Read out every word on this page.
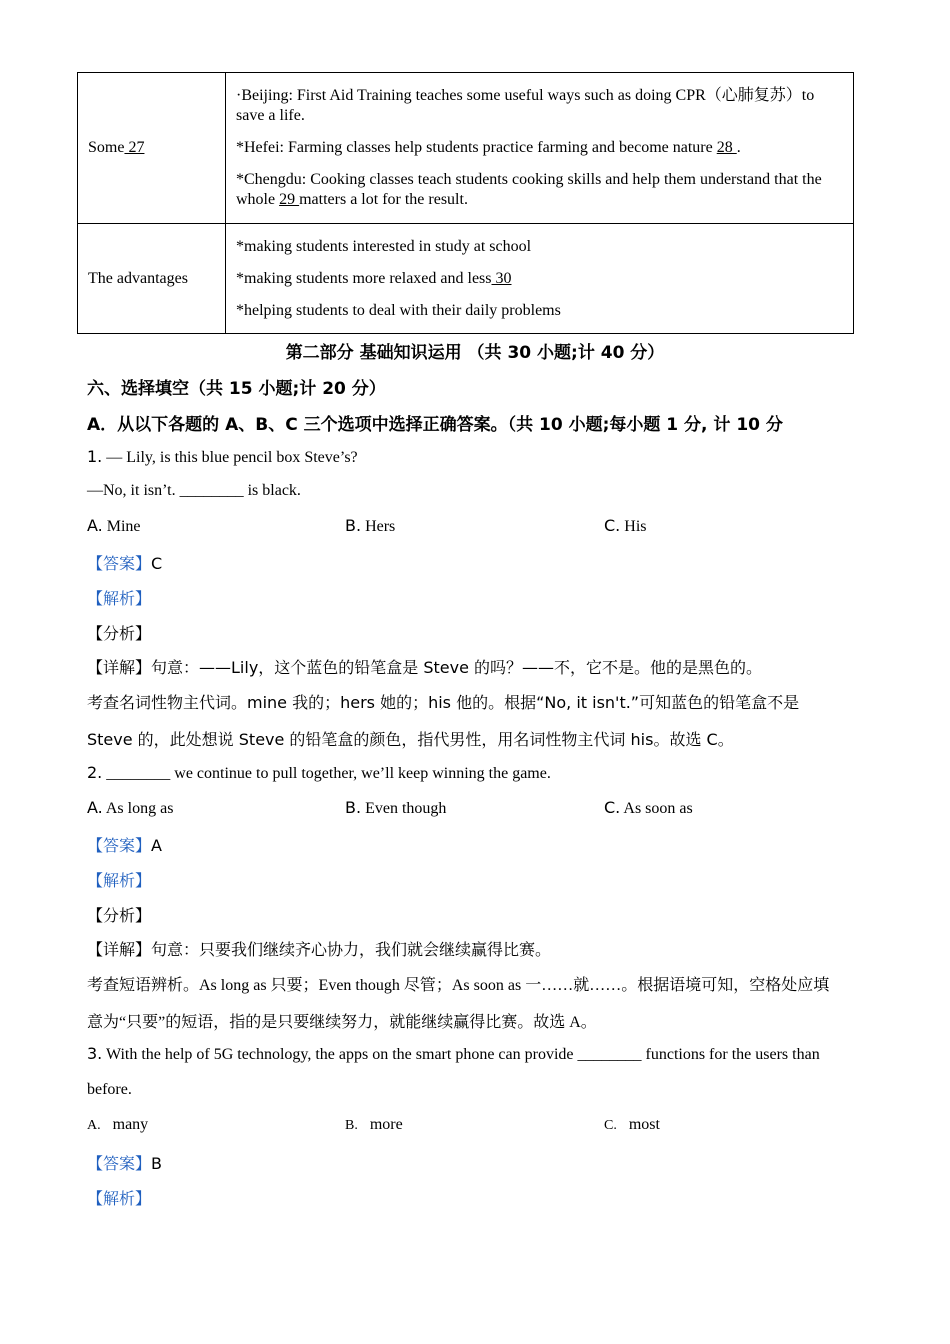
Some 27	·Beijing: First Aid Training teaches some useful ways such as doing CPR（心肺复苏）to save a life.
*Hefei: Farming classes help students practice farming and become nature 28 .
*Chengdu: Cooking classes teach students cooking skills and help them understand that the whole 29 matters a lot for the result.

The advantages	*making students interested in study at school
*making students more relaxed and less 30
*helping students to deal with their daily problems
第二部分 基础知识运用 （共 30 小题;计 40 分）
六、选择填空（共 15 小题;计 20 分）
A．从以下各题的 A、B、C 三个选项中选择正确答案。（共 10 小题;每小题 1 分, 计 10 分
1. — Lily, is this blue pencil box Steve’s?
—No, it isn’t. ________ is black.
A. Mine	B. Hers	C. His
【答案】C
【解析】
【分析】
【详解】句意：——Lily，这个蓝色的铅笔盒是 Steve 的吗？——不，它不是。他的是黑色的。
考查名词性物主代词。mine 我的；hers 她的；his 他的。根据“No, it isn't.”可知蓝色的铅笔盒不是
Steve 的，此处想说 Steve 的铅笔盒的颜色，指代男性，用名词性物主代词 his。故选 C。
2. ________ we continue to pull together, we’ll keep winning the game.
A. As long as	B. Even though	C. As soon as
【答案】A
【解析】
【分析】
【详解】句意：只要我们继续齐心协力，我们就会继续赢得比赛。
考查短语辨析。As long as 只要；Even though 尽管；As soon as 一……就……。根据语境可知，空格处应填
意为“只要”的短语，指的是只要继续努力，就能继续赢得比赛。故选 A。
3. With the help of 5G technology, the apps on the smart phone can provide ________ functions for the users than
before.
A. many	B. more	C. most
【答案】B
【解析】
